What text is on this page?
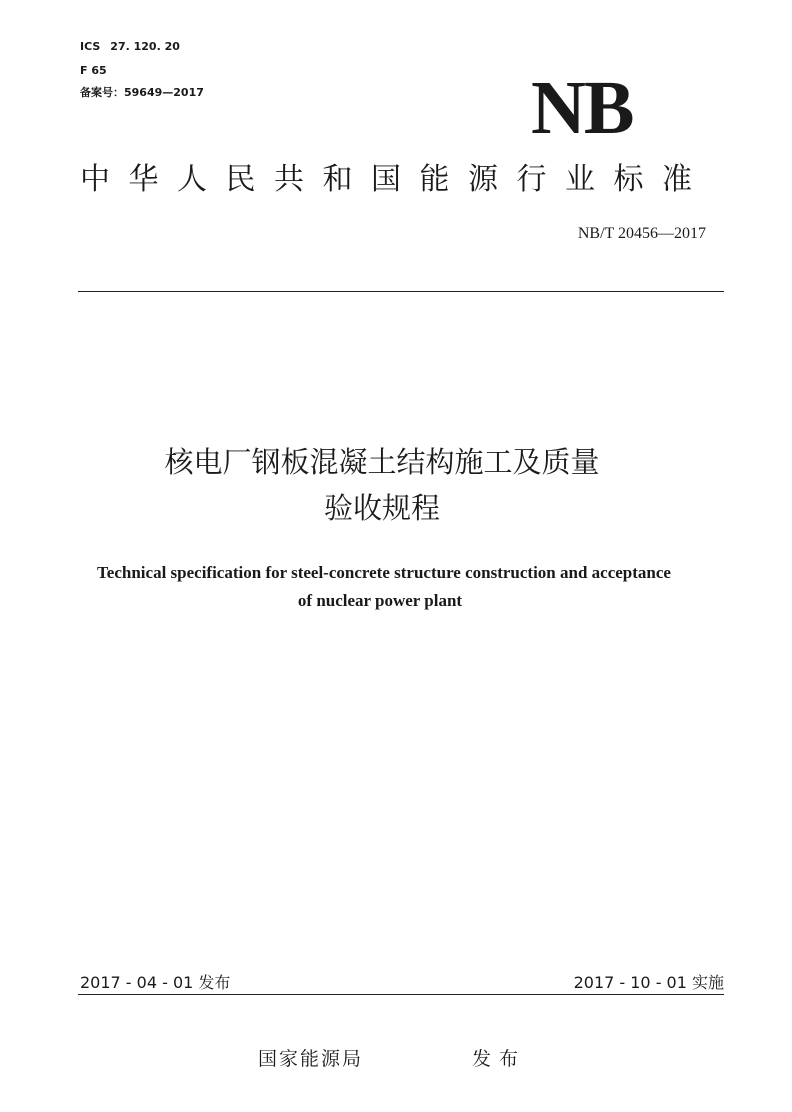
ICS 27. 120. 20
F 65
备案号：59649—2017	NB
中华人民共和国能源行业标准
NB/T 20456—2017
核电厂钢板混凝土结构施工及质量
验收规程
Technical specification for steel-concrete structure construction and acceptance
of nuclear power plant
2017 - 04 - 01 发布	2017 - 10 - 01 实施
国家能源局	发布
